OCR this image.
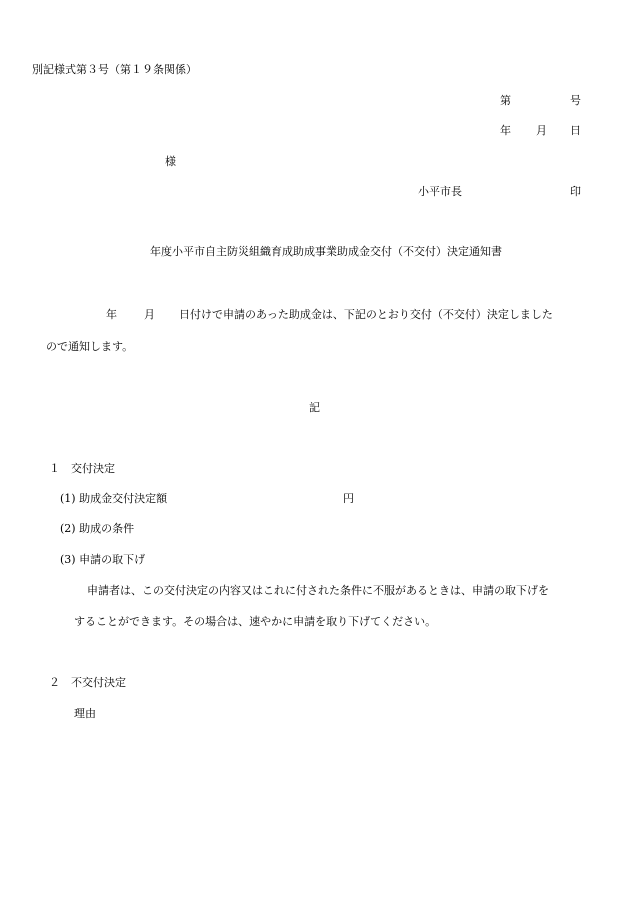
別記様式第３号（第１９条関係）
第	号
年 月 日
様
小平市長	印
年度小平市自主防災組織育成助成事業助成金交付（不交付）決定通知書
年 月 日付けで申請のあった助成金は、下記のとおり交付（不交付）決定しました
ので通知します。
記
１　交付決定
(1) 助成金交付決定額	円
(2) 助成の条件
(3) 申請の取下げ
申請者は、この交付決定の内容又はこれに付された条件に不服があるときは、申請の取下げを
することができます。その場合は、速やかに申請を取り下げてください。
２　不交付決定
理由
